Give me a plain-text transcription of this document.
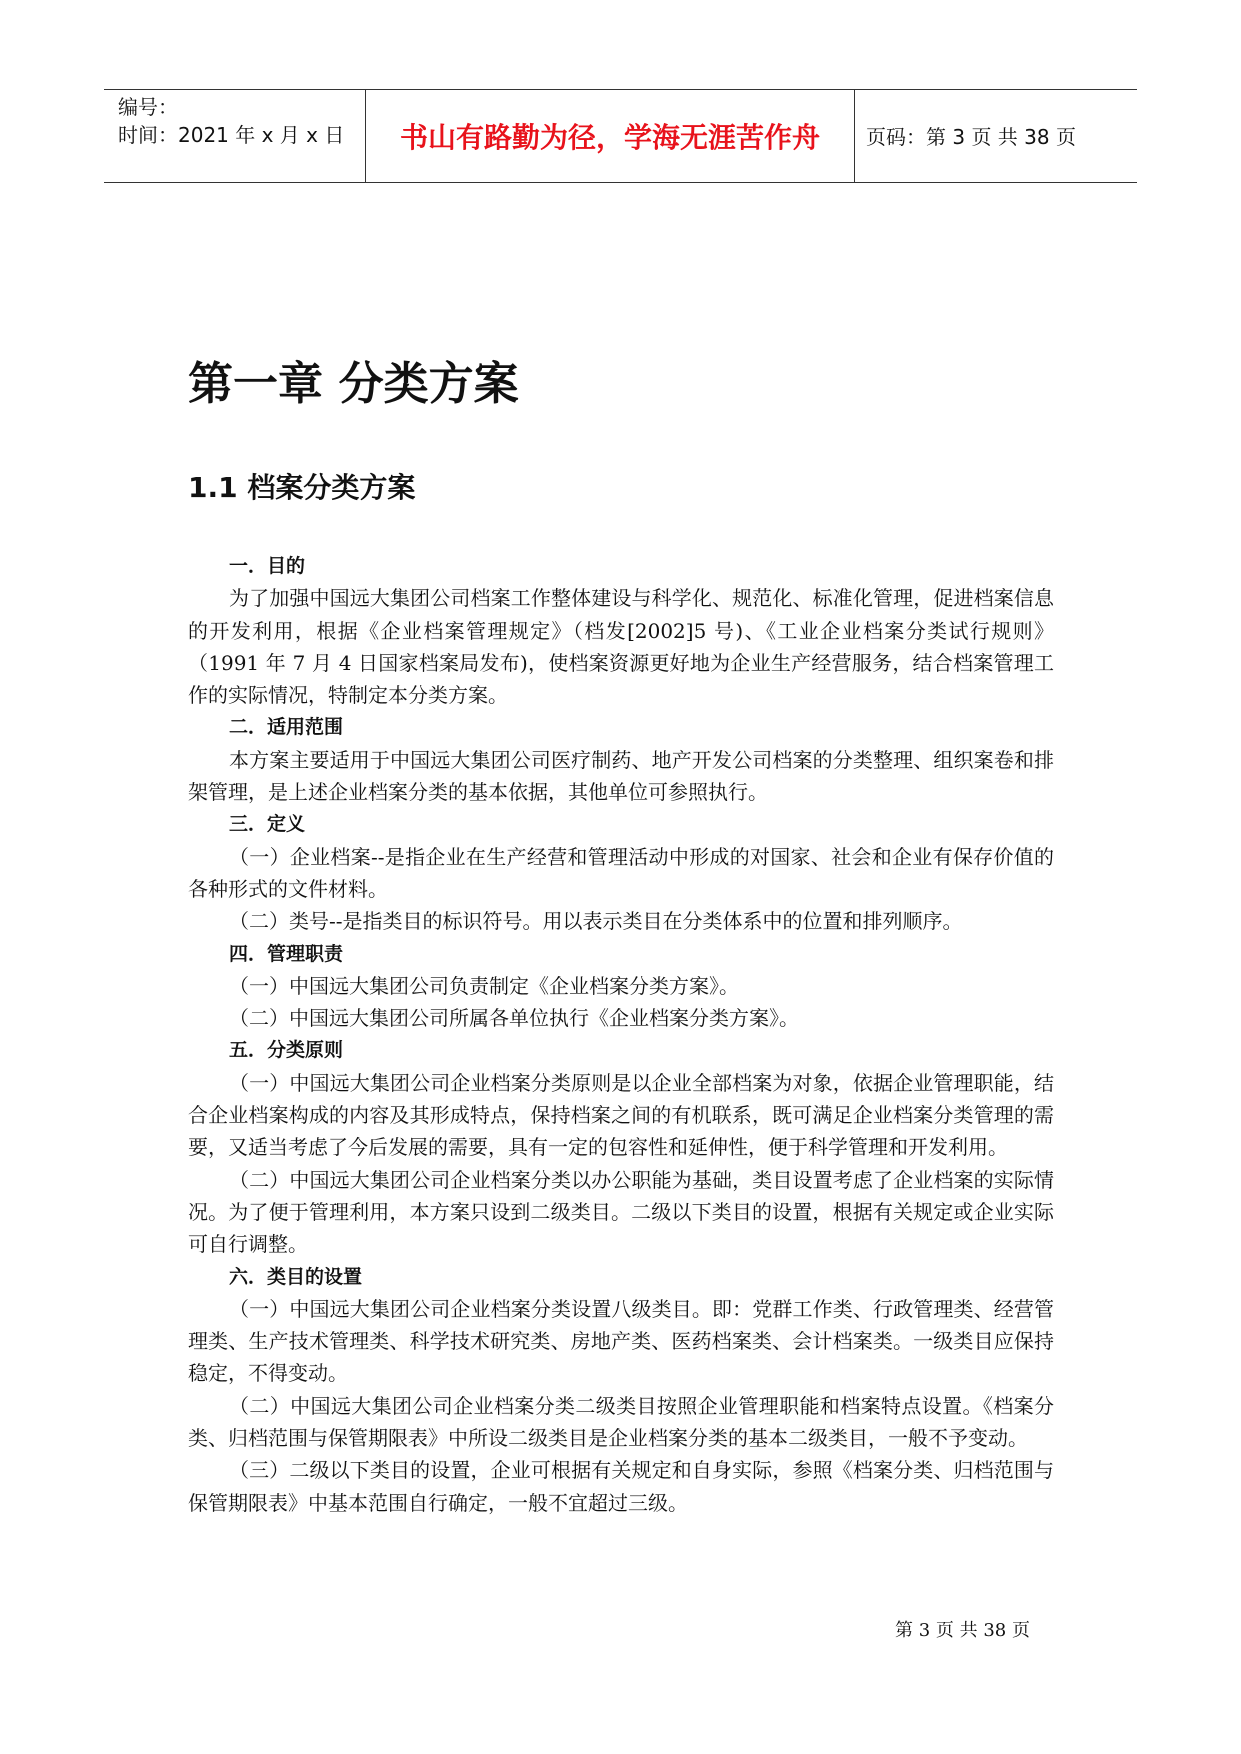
编号：
时间：2021 年 x 月 x 日	书山有路勤为径，学海无涯苦作舟	页码：第 3 页 共 38 页
第一章 分类方案
1.1 档案分类方案
一．目的

为了加强中国远大集团公司档案工作整体建设与科学化、规范化、标准化管理，促进档案信息的开发利用，根据《企业档案管理规定》（档发[2002]5 号)、《工业企业档案分类试行规则》（1991 年 7 月 4 日国家档案局发布)，使档案资源更好地为企业生产经营服务，结合档案管理工作的实际情况，特制定本分类方案。

二．适用范围

本方案主要适用于中国远大集团公司医疗制药、地产开发公司档案的分类整理、组织案卷和排架管理，是上述企业档案分类的基本依据，其他单位可参照执行。

三．定义

（一）企业档案--是指企业在生产经营和管理活动中形成的对国家、社会和企业有保存价值的各种形式的文件材料。

（二）类号--是指类目的标识符号。用以表示类目在分类体系中的位置和排列顺序。

四．管理职责

（一）中国远大集团公司负责制定《企业档案分类方案》。

（二）中国远大集团公司所属各单位执行《企业档案分类方案》。

五．分类原则

（一）中国远大集团公司企业档案分类原则是以企业全部档案为对象，依据企业管理职能，结合企业档案构成的内容及其形成特点，保持档案之间的有机联系，既可满足企业档案分类管理的需要，又适当考虑了今后发展的需要，具有一定的包容性和延伸性，便于科学管理和开发利用。

（二）中国远大集团公司企业档案分类以办公职能为基础，类目设置考虑了企业档案的实际情况。为了便于管理利用，本方案只设到二级类目。二级以下类目的设置，根据有关规定或企业实际可自行调整。

六．类目的设置

（一）中国远大集团公司企业档案分类设置八级类目。即：党群工作类、行政管理类、经营管理类、生产技术管理类、科学技术研究类、房地产类、医药档案类、会计档案类。一级类目应保持稳定，不得变动。

（二）中国远大集团公司企业档案分类二级类目按照企业管理职能和档案特点设置。《档案分类、归档范围与保管期限表》中所设二级类目是企业档案分类的基本二级类目，一般不予变动。

（三）二级以下类目的设置，企业可根据有关规定和自身实际，参照《档案分类、归档范围与保管期限表》中基本范围自行确定，一般不宜超过三级。

第 3 页 共 38 页
